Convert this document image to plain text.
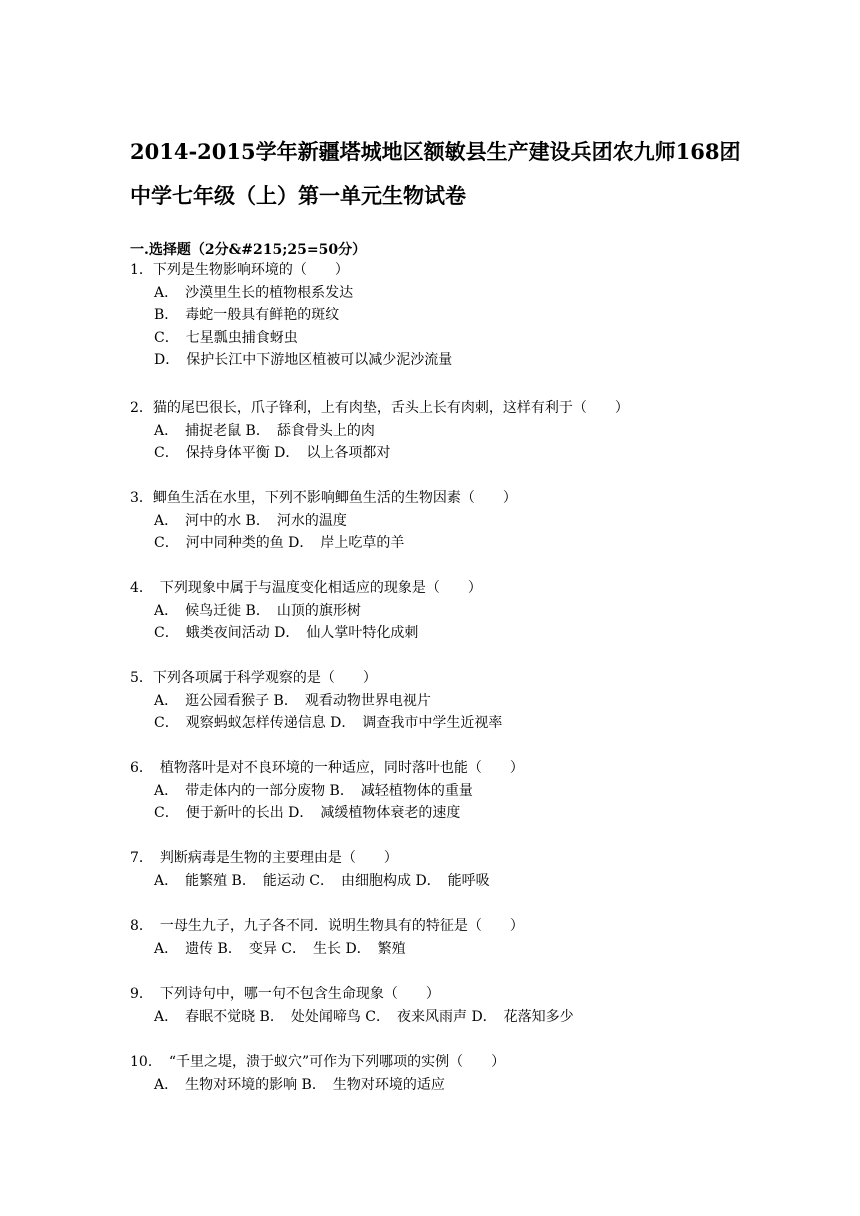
2014-2015学年新疆塔城地区额敏县生产建设兵团农九师168团
中学七年级（上）第一单元生物试卷
一.选择题（2分&#215;25=50分）
1．下列是生物影响环境的（　　）
A．　沙漠里生长的植物根系发达
B．　毒蛇一般具有鲜艳的斑纹
C．　七星瓢虫捕食蚜虫
D．　保护长江中下游地区植被可以减少泥沙流量
2．猫的尾巴很长，爪子锋利，上有肉垫，舌头上长有肉刺，这样有利于（　　）
A．　捕捉老鼠 B．　舔食骨头上的肉
C．　保持身体平衡 D．　以上各项都对
3．鲫鱼生活在水里，下列不影响鲫鱼生活的生物因素（　　）
A．　河中的水 B．　河水的温度
C．　河中同种类的鱼 D．　岸上吃草的羊
4．　下列现象中属于与温度变化相适应的现象是（　　）
A．　候鸟迁徙 B．　山顶的旗形树
C．　蛾类夜间活动 D．　仙人掌叶特化成刺
5．下列各项属于科学观察的是（　　）
A．　逛公园看猴子 B．　观看动物世界电视片
C．　观察蚂蚁怎样传递信息 D．　调查我市中学生近视率
6．　植物落叶是对不良环境的一种适应，同时落叶也能（　　）
A．　带走体内的一部分废物 B．　减轻植物体的重量
C．　便于新叶的长出 D．　减缓植物体衰老的速度
7．　判断病毒是生物的主要理由是（　　）
A．　能繁殖 B．　能运动 C．　由细胞构成 D．　能呼吸
8．　一母生九子，九子各不同．说明生物具有的特征是（　　）
A．　遗传 B．　变异 C．　生长 D．　繁殖
9．　下列诗句中，哪一句不包含生命现象（　　）
A．　春眠不觉晓 B．　处处闻啼鸟 C．　夜来风雨声 D．　花落知多少
10．　“千里之堤，溃于蚁穴”可作为下列哪项的实例（　　）
A．　生物对环境的影响 B．　生物对环境的适应
